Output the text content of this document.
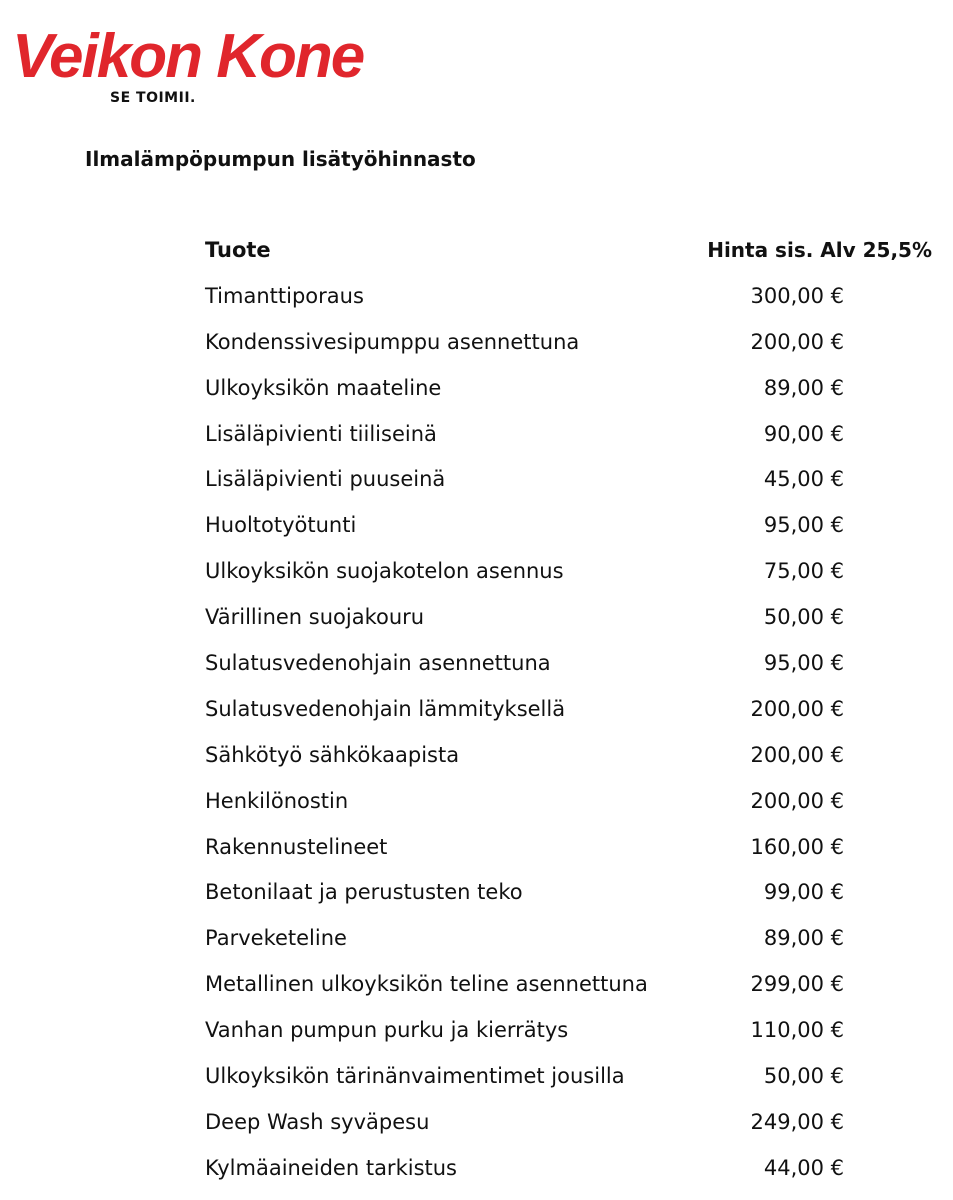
Veikon Kone
SE TOIMII.
Ilmalämpöpumpun lisätyöhinnasto
Tuote	Hinta sis. Alv 25,5%
Timanttiporaus	300,00 €
Kondenssivesipumppu asennettuna	200,00 €
Ulkoyksikön maateline	89,00 €
Lisäläpivienti tiiliseinä	90,00 €
Lisäläpivienti puuseinä	45,00 €
Huoltotyötunti	95,00 €
Ulkoyksikön suojakotelon asennus	75,00 €
Värillinen suojakouru	50,00 €
Sulatusvedenohjain asennettuna	95,00 €
Sulatusvedenohjain lämmityksellä	200,00 €
Sähkötyö sähkökaapista	200,00 €
Henkilönostin	200,00 €
Rakennustelineet	160,00 €
Betonilaat ja perustusten teko	99,00 €
Parveketeline	89,00 €
Metallinen ulkoyksikön teline asennettuna	299,00 €
Vanhan pumpun purku ja kierrätys	110,00 €
Ulkoyksikön tärinänvaimentimet jousilla	50,00 €
Deep Wash syväpesu	249,00 €
Kylmäaineiden tarkistus	44,00 €
